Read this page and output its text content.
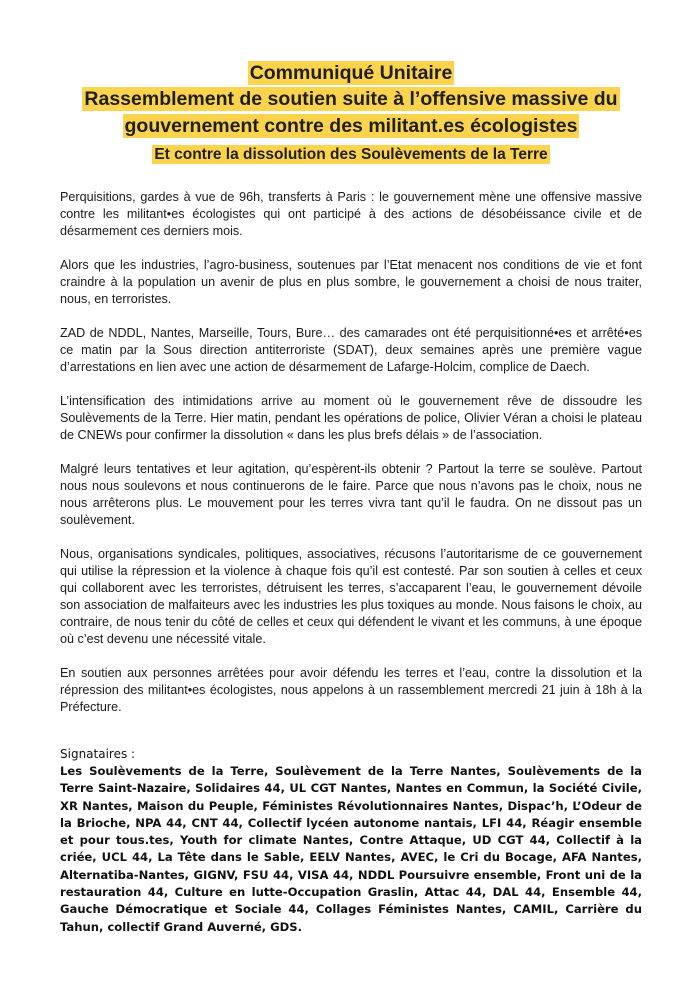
Communiqué Unitaire

Rassemblement de soutien suite à l’offensive massive du gouvernement contre des militant.es écologistes

Et contre la dissolution des Soulèvements de la Terre

Perquisitions, gardes à vue de 96h, transferts à Paris : le gouvernement mène une offensive massive contre les militant•es écologistes qui ont participé à des actions de désobéissance civile et de désarmement ces derniers mois.

Alors que les industries, l’agro-business, soutenues par l’Etat menacent nos conditions de vie et font craindre à la population un avenir de plus en plus sombre, le gouvernement a choisi de nous traiter, nous, en terroristes.

ZAD de NDDL, Nantes, Marseille, Tours, Bure… des camarades ont été perquisitionné•es et arrêté•es ce matin par la Sous direction antiterroriste (SDAT), deux semaines après une première vague d’arrestations en lien avec une action de désarmement de Lafarge-Holcim, complice de Daech.

L’intensification des intimidations arrive au moment où le gouvernement rêve de dissoudre les Soulèvements de la Terre. Hier matin, pendant les opérations de police, Olivier Véran a choisi le plateau de CNEWs pour confirmer la dissolution « dans les plus brefs délais » de l’association.

Malgré leurs tentatives et leur agitation, qu’espèrent-ils obtenir ? Partout la terre se soulève. Partout nous nous soulevons et nous continuerons de le faire. Parce que nous n’avons pas le choix, nous ne nous arrêterons plus. Le mouvement pour les terres vivra tant qu’il le faudra. On ne dissout pas un soulèvement.

Nous, organisations syndicales, politiques, associatives, récusons l’autoritarisme de ce gouvernement qui utilise la répression et la violence à chaque fois qu’il est contesté. Par son soutien à celles et ceux qui collaborent avec les terroristes, détruisent les terres, s’accaparent l’eau, le gouvernement dévoile son association de malfaiteurs avec les industries les plus toxiques au monde. Nous faisons le choix, au contraire, de nous tenir du côté de celles et ceux qui défendent le vivant et les communs, à une époque où c’est devenu une nécessité vitale.

En soutien aux personnes arrêtées pour avoir défendu les terres et l’eau, contre la dissolution et la répression des militant•es écologistes, nous appelons à un rassemblement mercredi 21 juin à 18h à la Préfecture.

Signataires :

Les Soulèvements de la Terre, Soulèvement de la Terre Nantes, Soulèvements de la Terre Saint-Nazaire, Solidaires 44, UL CGT Nantes, Nantes en Commun, la Société Civile, XR Nantes, Maison du Peuple, Féministes Révolutionnaires Nantes, Dispac’h, L’Odeur de la Brioche, NPA 44, CNT 44, Collectif lycéen autonome nantais, LFI 44, Réagir ensemble et pour tous.tes, Youth for climate Nantes, Contre Attaque, UD CGT 44, Collectif à la criée, UCL 44, La Tête dans le Sable, EELV Nantes, AVEC, le Cri du Bocage, AFA Nantes, Alternatiba-Nantes, GIGNV, FSU 44, VISA 44, NDDL Poursuivre ensemble, Front uni de la restauration 44, Culture en lutte-Occupation Graslin, Attac 44, DAL 44, Ensemble 44, Gauche Démocratique et Sociale 44, Collages Féministes Nantes, CAMIL, Carrière du Tahun, collectif Grand Auverné, GDS.
